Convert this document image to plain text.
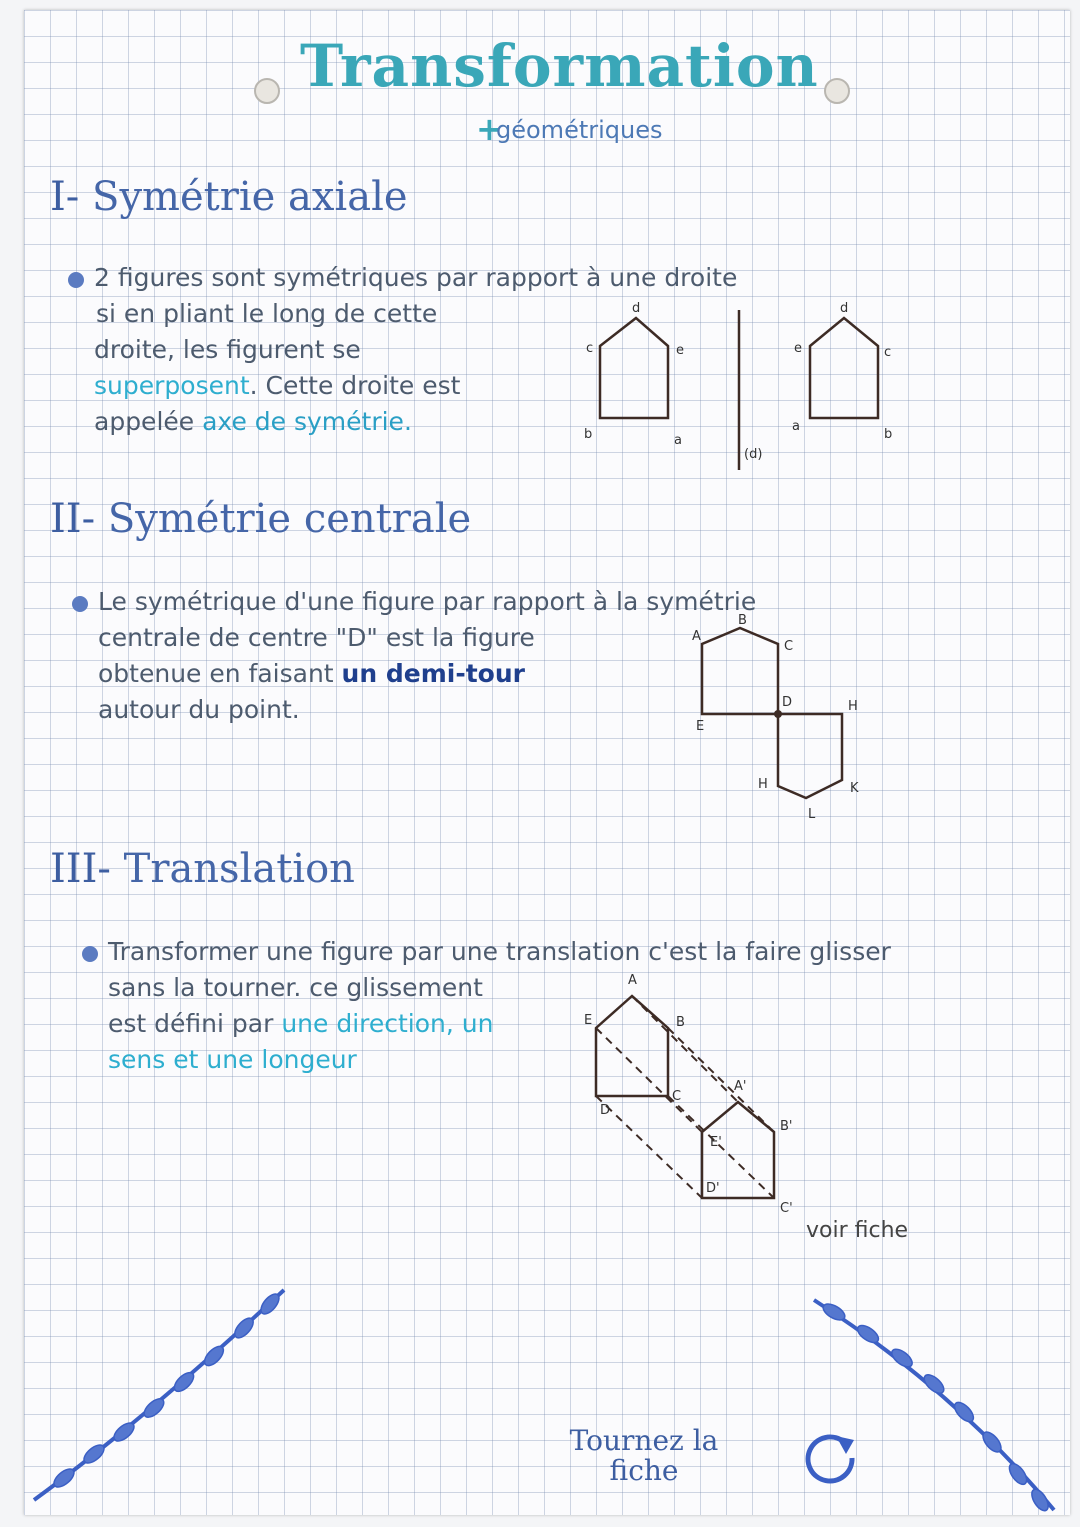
Transformation
+
géométriques
I- Symétrie axiale
2 figures sont symétriques par rapport à une droite
si en pliant le long de cette
droite, les figurent se
superposent. Cette droite est
appelée axe de symétrie.
c	e
b	a
d
(d)
e	c
a
b
d
II- Symétrie centrale
Le symétrique d'une figure par rapport à la symétrie
centrale de centre "D" est la figure
obtenue en faisant un demi-tour
autour du point.
A
B
C
D
E
H
H	K
L
III- Translation
Transformer une figure par une translation c'est la faire glisser
sans la tourner. ce glissement
est défini par une direction, un
sens et une longeur
A
B
C
D
E
A'
B'
C'
D'
E'
voir fiche
Tournez la
fiche
